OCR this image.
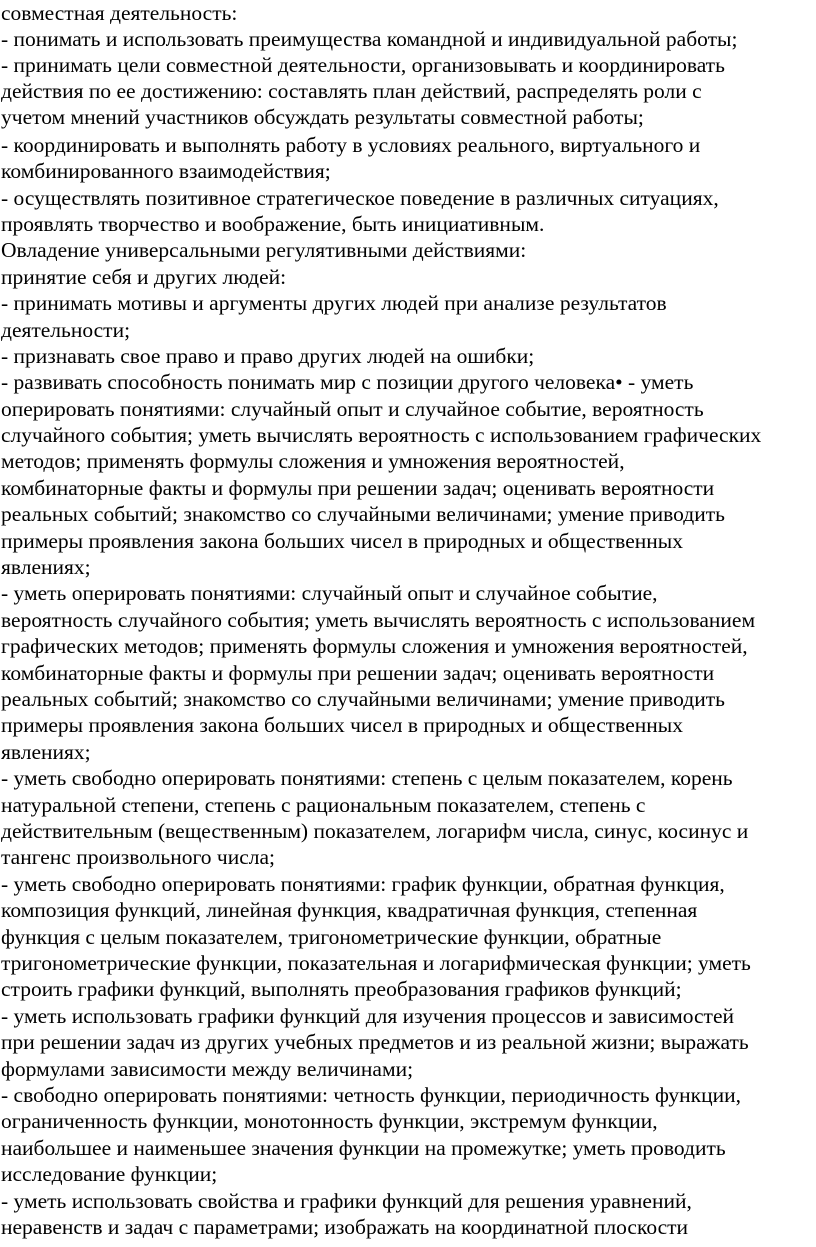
совместная деятельность:
- понимать и использовать преимущества командной и индивидуальной работы;
- принимать цели совместной деятельности, организовывать и координировать
действия по ее достижению: составлять план действий, распределять роли с
учетом мнений участников обсуждать результаты совместной работы;
- координировать и выполнять работу в условиях реального, виртуального и
комбинированного взаимодействия;
- осуществлять позитивное стратегическое поведение в различных ситуациях,
проявлять творчество и воображение, быть инициативным.
Овладение универсальными регулятивными действиями:
принятие себя и других людей:
- принимать мотивы и аргументы других людей при анализе результатов
деятельности;
- признавать свое право и право других людей на ошибки;
- развивать способность понимать мир с позиции другого человека• - уметь
оперировать понятиями: случайный опыт и случайное событие, вероятность
случайного события; уметь вычислять вероятность с использованием графических
методов; применять формулы сложения и умножения вероятностей,
комбинаторные факты и формулы при решении задач; оценивать вероятности
реальных событий; знакомство со случайными величинами; умение приводить
примеры проявления закона больших чисел в природных и общественных
явлениях;
- уметь оперировать понятиями: случайный опыт и случайное событие,
вероятность случайного события; уметь вычислять вероятность с использованием
графических методов; применять формулы сложения и умножения вероятностей,
комбинаторные факты и формулы при решении задач; оценивать вероятности
реальных событий; знакомство со случайными величинами; умение приводить
примеры проявления закона больших чисел в природных и общественных
явлениях;
- уметь свободно оперировать понятиями: степень с целым показателем, корень
натуральной степени, степень с рациональным показателем, степень с
действительным (вещественным) показателем, логарифм числа, синус, косинус и
тангенс произвольного числа;
- уметь свободно оперировать понятиями: график функции, обратная функция,
композиция функций, линейная функция, квадратичная функция, степенная
функция с целым показателем, тригонометрические функции, обратные
тригонометрические функции, показательная и логарифмическая функции; уметь
строить графики функций, выполнять преобразования графиков функций;
- уметь использовать графики функций для изучения процессов и зависимостей
при решении задач из других учебных предметов и из реальной жизни; выражать
формулами зависимости между величинами;
- свободно оперировать понятиями: четность функции, периодичность функции,
ограниченность функции, монотонность функции, экстремум функции,
наибольшее и наименьшее значения функции на промежутке; уметь проводить
исследование функции;
- уметь использовать свойства и графики функций для решения уравнений,
неравенств и задач с параметрами; изображать на координатной плоскости
